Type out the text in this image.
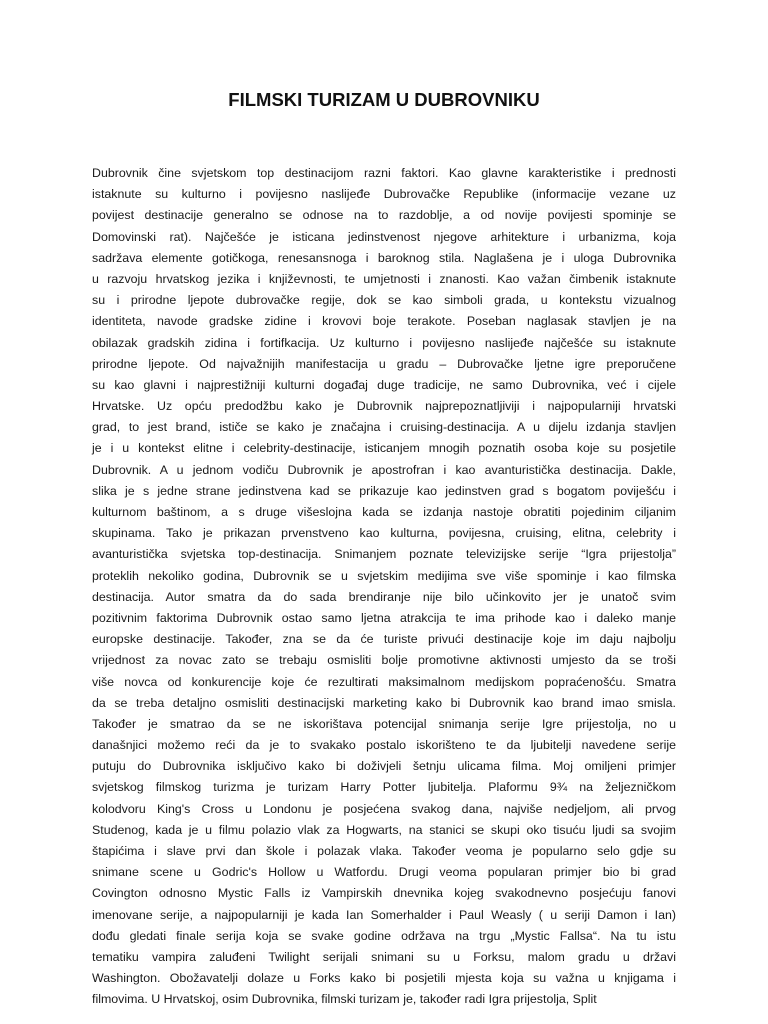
FILMSKI TURIZAM U DUBROVNIKU
Dubrovnik čine svjetskom top destinacijom razni faktori. Kao glavne karakteristike i prednosti
istaknute su kulturno i povijesno naslijeđe Dubrovačke Republike (informacije vezane uz
povijest destinacije generalno se odnose na to razdoblje, a od novije povijesti spominje se
Domovinski rat). Najčešće je isticana jedinstvenost njegove arhitekture i urbanizma, koja
sadržava elemente gotičkoga, renesansnoga i baroknog stila. Naglašena je i uloga Dubrovnika
u razvoju hrvatskog jezika i književnosti, te umjetnosti i znanosti. Kao važan čimbenik istaknute
su i prirodne ljepote dubrovačke regije, dok se kao simboli grada, u kontekstu vizualnog
identiteta, navode gradske zidine i krovovi boje terakote. Poseban naglasak stavljen je na
obilazak gradskih zidina i fortifkacija. Uz kulturno i povijesno naslijeđe najčešće su istaknute
prirodne ljepote. Od najvažnijih manifestacija u gradu – Dubrovačke ljetne igre preporučene
su kao glavni i najprestižniji kulturni događaj duge tradicije, ne samo Dubrovnika, već i cijele
Hrvatske. Uz opću predodžbu kako je Dubrovnik najprepoznatljiviji i najpopularniji hrvatski
grad, to jest brand, ističe se kako je značajna i cruising-destinacija. A u dijelu izdanja stavljen
je i u kontekst elitne i celebrity-destinacije, isticanjem mnogih poznatih osoba koje su posjetile
Dubrovnik. A u jednom vodiču Dubrovnik je apostrofran i kao avanturistička destinacija. Dakle,
slika je s jedne strane jedinstvena kad se prikazuje kao jedinstven grad s bogatom poviješću i
kulturnom baštinom, a s druge višeslojna kada se izdanja nastoje obratiti pojedinim ciljanim
skupinama. Tako je prikazan prvenstveno kao kulturna, povijesna, cruising, elitna, celebrity i
avanturistička svjetska top-destinacija. Snimanjem poznate televizijske serije “Igra prijestolja”
proteklih nekoliko godina, Dubrovnik se u svjetskim medijima sve više spominje i kao filmska
destinacija. Autor smatra da do sada brendiranje nije bilo učinkovito jer je unatoč svim
pozitivnim faktorima Dubrovnik ostao samo ljetna atrakcija te ima prihode kao i daleko manje
europske destinacije. Također, zna se da će turiste privući destinacije koje im daju najbolju
vrijednost za novac zato se trebaju osmisliti bolje promotivne aktivnosti umjesto da se troši
više novca od konkurencije koje će rezultirati maksimalnom medijskom popraćenošću. Smatra
da se treba detaljno osmisliti destinacijski marketing kako bi Dubrovnik kao brand imao smisla.
Također je smatrao da se ne iskorištava potencijal snimanja serije Igre prijestolja, no u
današnjici možemo reći da je to svakako postalo iskorišteno te da ljubitelji navedene serije
putuju do Dubrovnika isključivo kako bi doživjeli šetnju ulicama filma. Moj omiljeni primjer
svjetskog filmskog turizma je turizam Harry Potter ljubitelja. Plaformu 9¾ na željezničkom
kolodvoru King's Cross u Londonu je posjećena svakog dana, najviše nedjeljom, ali prvog
Studenog, kada je u filmu polazio vlak za Hogwarts, na stanici se skupi oko tisuću ljudi sa svojim
štapićima i slave prvi dan škole i polazak vlaka. Također veoma je popularno selo gdje su
snimane scene u Godric's Hollow u Watfordu. Drugi veoma popularan primjer bio bi grad
Covington odnosno Mystic Falls iz Vampirskih dnevnika kojeg svakodnevno posjećuju fanovi
imenovane serije, a najpopularniji je kada Ian Somerhalder i Paul Weasly ( u seriji Damon i Ian)
dođu gledati finale serija koja se svake godine održava na trgu „Mystic Fallsa“. Na tu istu
tematiku vampira zaluđeni Twilight serijali snimani su u Forksu, malom gradu u državi
Washington. Obožavatelji dolaze u Forks kako bi posjetili mjesta koja su važna u knjigama i
filmovima. U Hrvatskoj, osim Dubrovnika, filmski turizam je, također radi Igra prijestolja, Split
